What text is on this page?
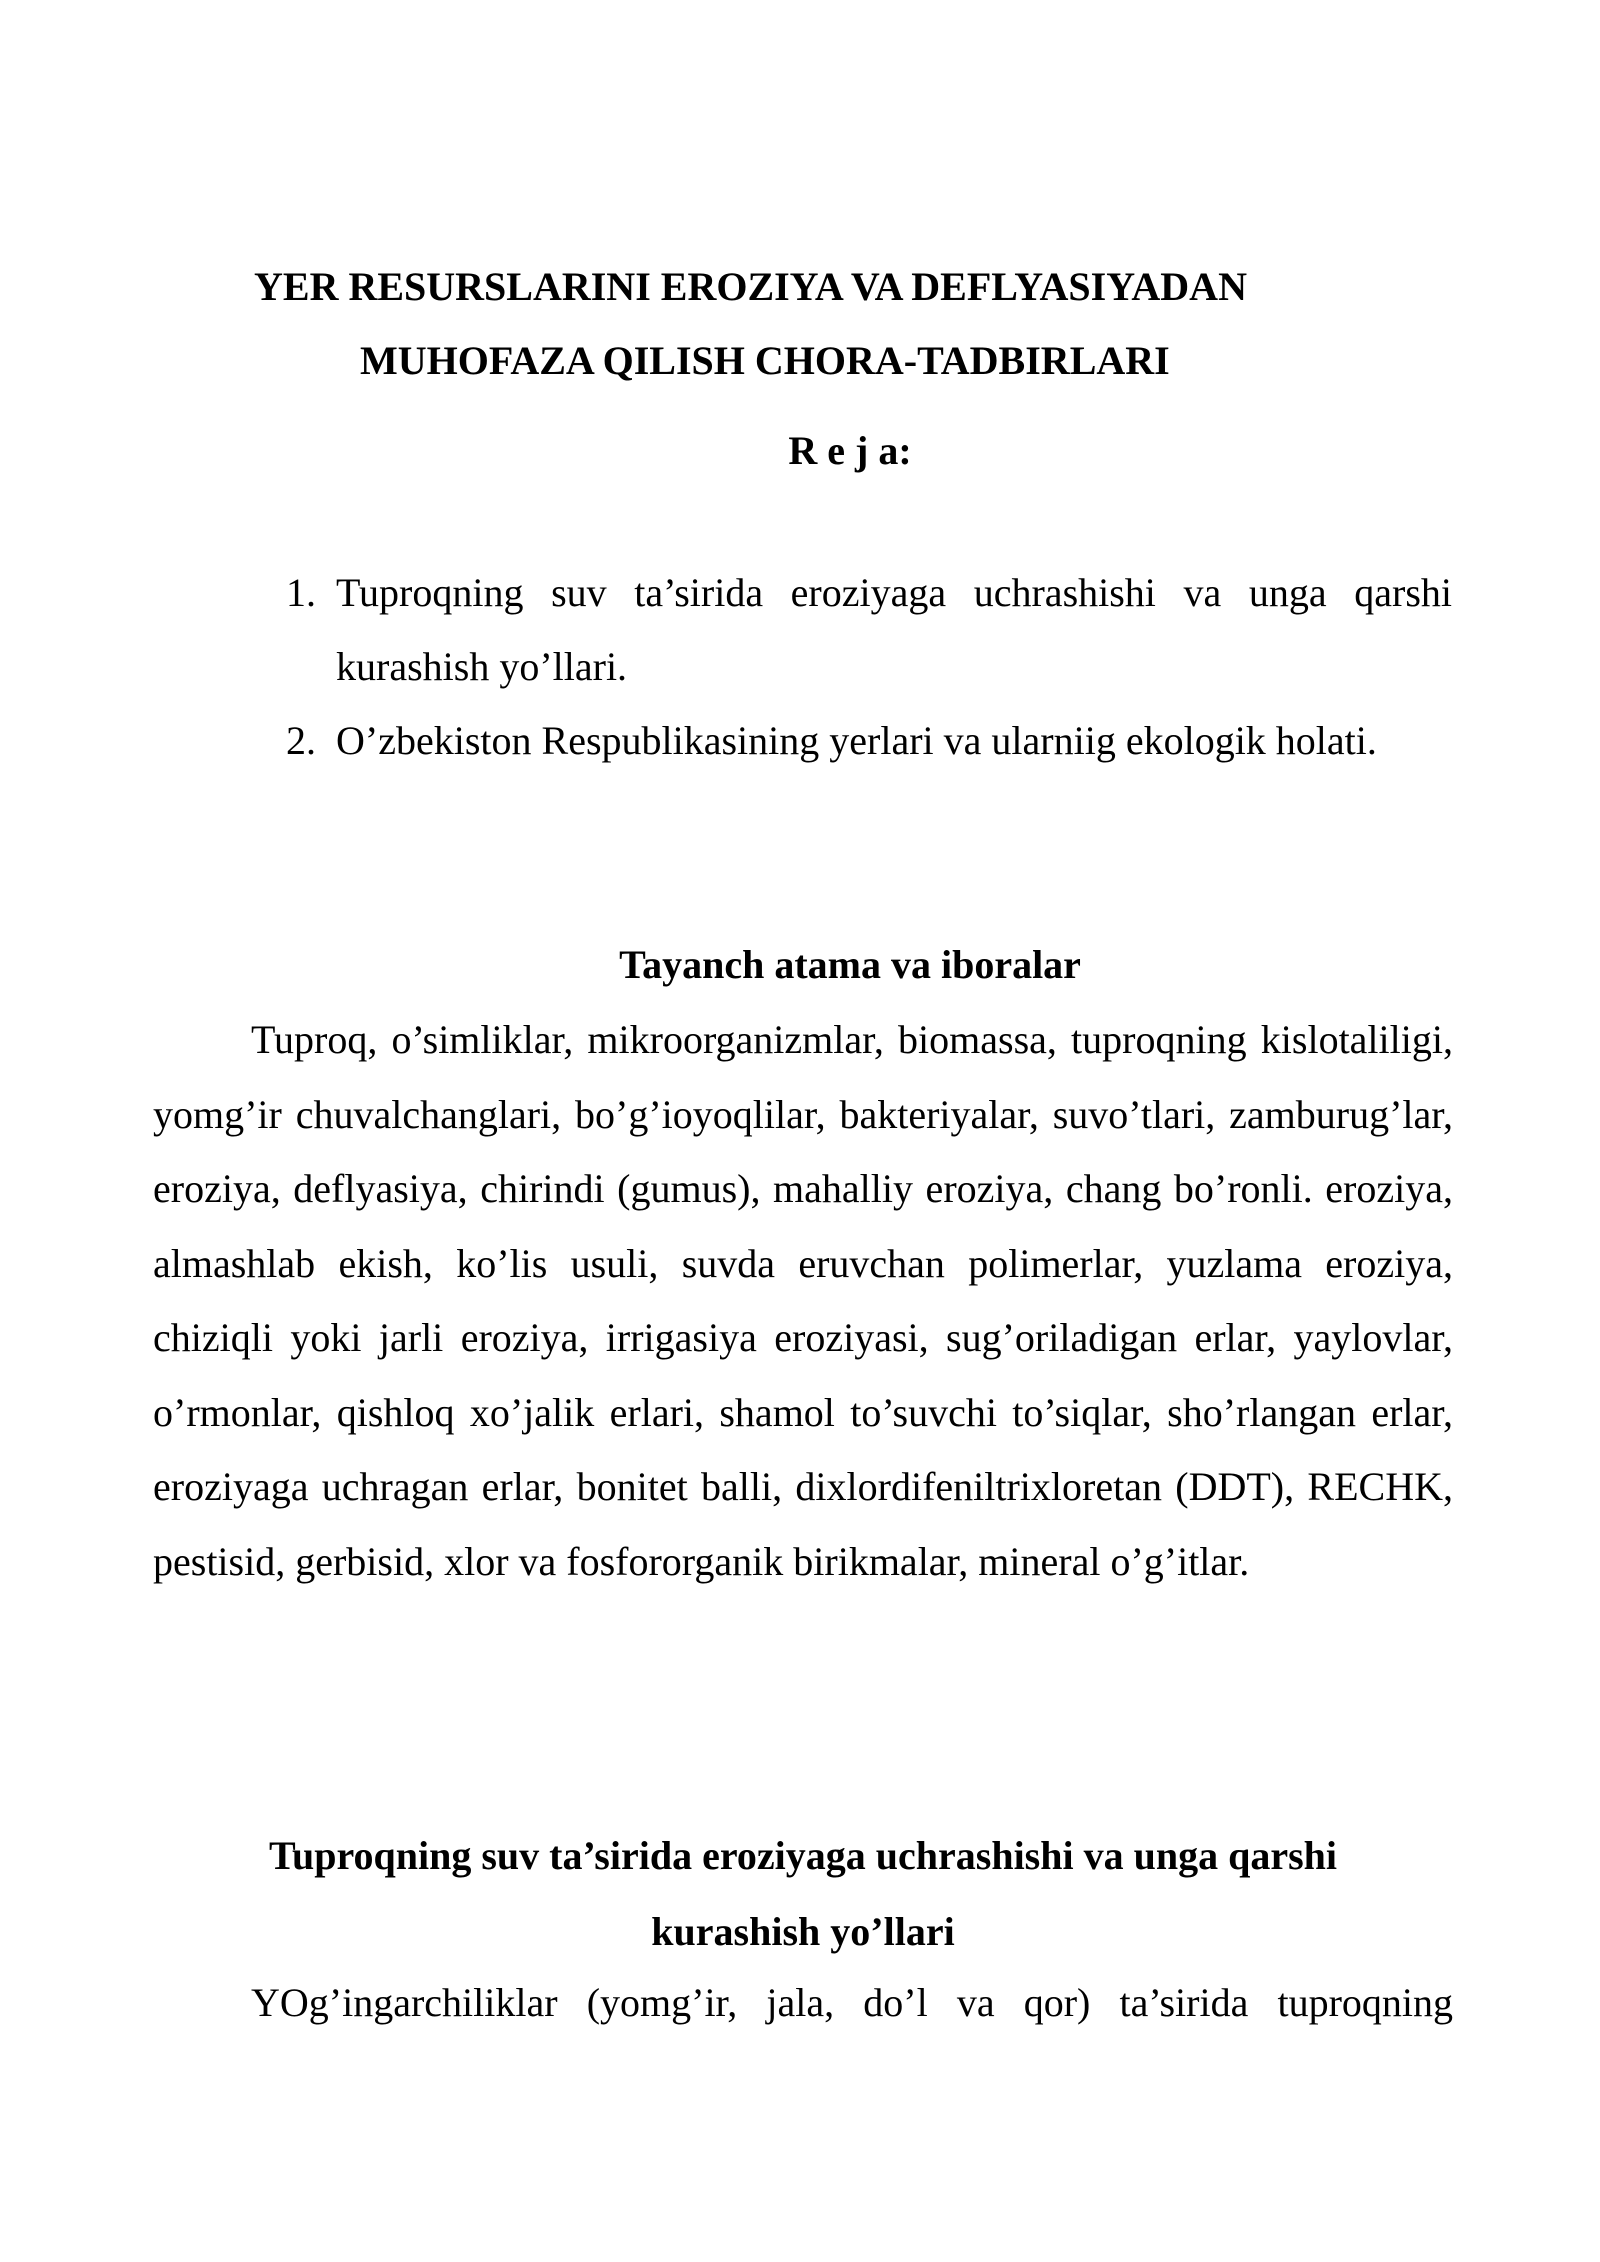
YER RESURSLARINI EROZIYA VA DEFLYASIYADAN
MUHOFAZA QILISH CHORA-TADBIRLARI
R e j a:
1. Tuproqning suv ta’sirida eroziyaga uchrashishi va unga qarshi kurashish yo’llari.
2. O’zbekiston Respublikasining yerlari va ularniig ekologik holati.
Tayanch atama va iboralar

Tuproq, o’simliklar, mikroorganizmlar, biomassa, tuproqning kislotaliligi, yomg’ir chuvalchanglari, bo’g’ioyoqlilar, bakteriyalar, suvo’tlari, zamburug’lar, eroziya, deflyasiya, chirindi (gumus), mahalliy eroziya, chang bo’ronli. eroziya, almashlab ekish, ko’lis usuli, suvda eruvchan polimerlar, yuzlama eroziya, chiziqli yoki jarli eroziya, irrigasiya eroziyasi, sug’oriladigan erlar, yaylovlar, o’rmonlar, qishloq xo’jalik erlari, shamol to’suvchi to’siqlar, sho’rlangan erlar, eroziyaga uchragan erlar, bonitet balli, dixlordifeniltrixloretan (DDT), RECHK, pestisid, gerbisid, xlor va fosfororganik birikmalar, mineral o’g’itlar.

Tuproqning suv ta’sirida eroziyaga uchrashishi va unga qarshi
kurashish yo’llari

YOg’ingarchiliklar (yomg’ir, jala, do’l va qor) ta’sirida tuproqning
